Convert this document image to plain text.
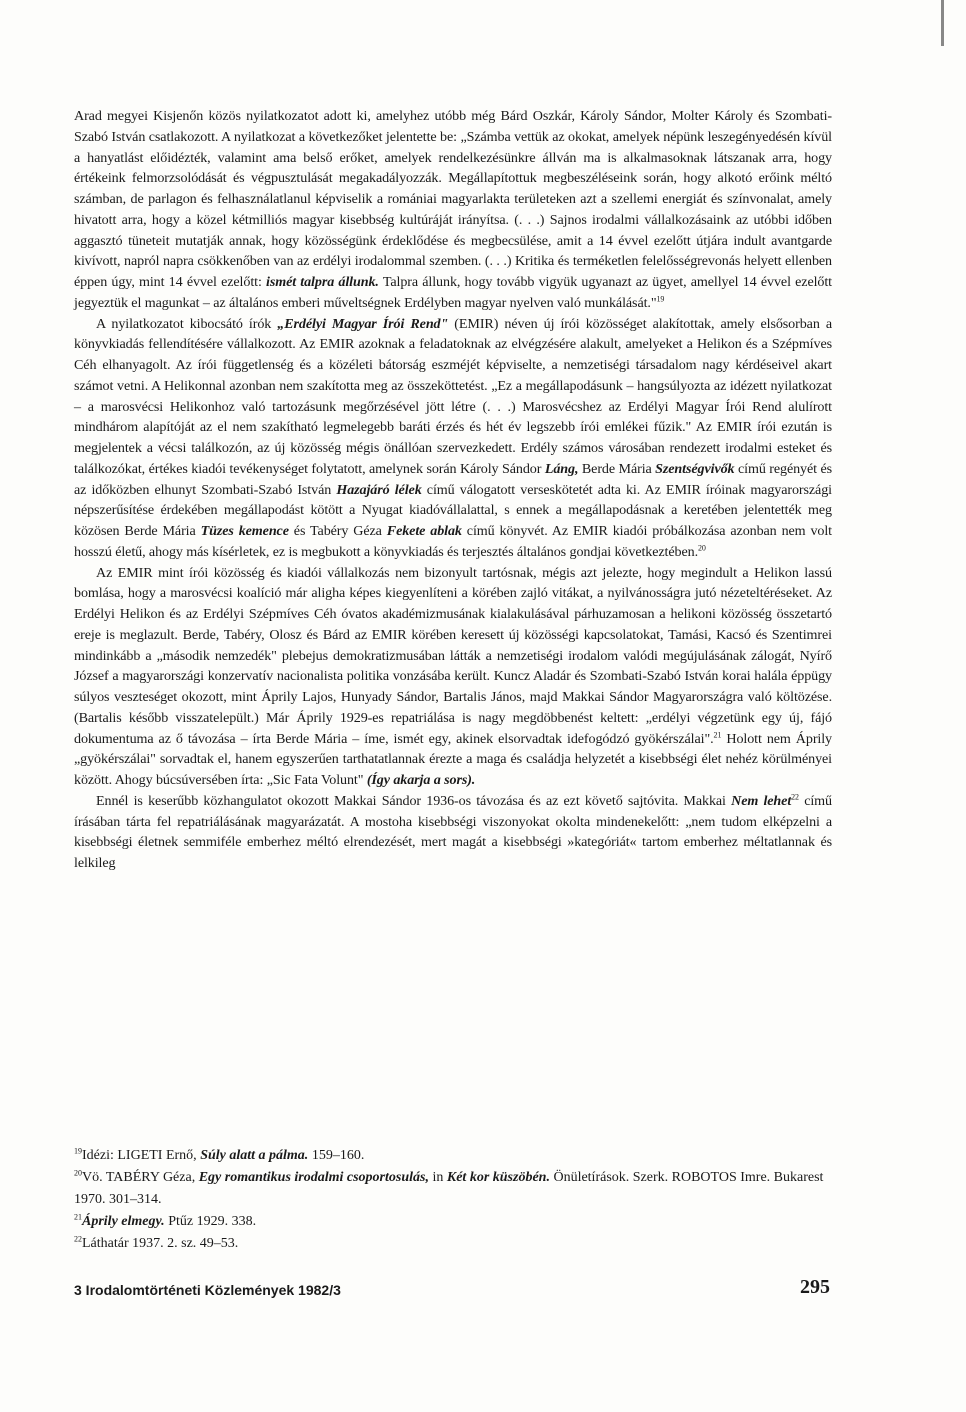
Arad megyei Kisjenőn közös nyilatkozatot adott ki, amelyhez utóbb még Bárd Oszkár, Károly Sándor, Molter Károly és Szombati-Szabó István csatlakozott. A nyilatkozat a következőket jelentette be: „Számba vettük az okokat, amelyek népünk leszegényedésén kívül a hanyatlást előidézték, valamint ama belső erőket, amelyek rendelkezésünkre állván ma is alkalmasoknak látszanak arra, hogy értékeink felmorzsolódását és végpusztulását megakadályozzák. Megállapítottuk megbeszéléseink során, hogy alkotó erőink méltó számban, de parlagon és felhasználatlanul képviselik a romániai magyarlakta területeken azt a szellemi energiát és színvonalat, amely hivatott arra, hogy a közel kétmilliós magyar kisebbség kultúráját irányítsa. (. . .) Sajnos irodalmi vállalkozásaink az utóbbi időben aggasztó tüneteit mutatják annak, hogy közösségünk érdeklődése és megbecsülése, amit a 14 évvel ezelőtt útjára indult avantgarde kivívott, napról napra csökkenőben van az erdélyi irodalommal szemben. (. . .) Kritika és terméketlen felelősségrevonás helyett ellenben éppen úgy, mint 14 évvel ezelőtt: ismét talpra állunk. Talpra állunk, hogy tovább vigyük ugyanazt az ügyet, amellyel 14 évvel ezelőtt jegyeztük el magunkat – az általános emberi műveltségnek Erdélyben magyar nyelven való munkálását."$^{19}$

A nyilatkozatot kibocsátó írók „Erdélyi Magyar Írói Rend" (EMIR) néven új írói közösséget alakítottak, amely elsősorban a könyvkiadás fellendítésére vállalkozott. Az EMIR azoknak a feladatoknak az elvégzésére alakult, amelyeket a Helikon és a Szépmíves Céh elhanyagolt. Az írói függetlenség és a közéleti bátorság eszméjét képviselte, a nemzetiségi társadalom nagy kérdéseivel akart számot vetni. A Helikonnal azonban nem szakította meg az összeköttetést. „Ez a megállapodásunk – hangsúlyozta az idézett nyilatkozat – a marosvécsi Helikonhoz való tartozásunk megőrzésével jött létre (. . .) Marosvécshez az Erdélyi Magyar Írói Rend alulírott mindhárom alapítóját az el nem szakítható legmelegebb baráti érzés és hét év legszebb írói emlékei fűzik." Az EMIR írói ezután is megjelentek a vécsi találkozón, az új közösség mégis önállóan szervezkedett. Erdély számos városában rendezett irodalmi esteket és találkozókat, értékes kiadói tevékenységet folytatott, amelynek során Károly Sándor Láng, Berde Mária Szentségvivők című regényét és az időközben elhunyt Szombati-Szabó István Hazajáró lélek című válogatott verseskötetét adta ki. Az EMIR íróinak magyarországi népszerűsítése érdekében megállapodást kötött a Nyugat kiadóvállalattal, s ennek a megállapodásnak a keretében jelentették meg közösen Berde Mária Tüzes kemence és Tabéry Géza Fekete ablak című könyvét. Az EMIR kiadói próbálkozása azonban nem volt hosszú életű, ahogy más kísérletek, ez is megbukott a könyvkiadás és terjesztés általános gondjai következtében.$^{20}$

Az EMIR mint írói közösség és kiadói vállalkozás nem bizonyult tartósnak, mégis azt jelezte, hogy megindult a Helikon lassú bomlása, hogy a marosvécsi koalíció már aligha képes kiegyenlíteni a körében zajló vitákat, a nyilvánosságra jutó nézeteltéréseket. Az Erdélyi Helikon és az Erdélyi Szépmíves Céh óvatos akadémizmusának kialakulásával párhuzamosan a helikoni közösség összetartó ereje is meglazult. Berde, Tabéry, Olosz és Bárd az EMIR körében keresett új közösségi kapcsolatokat, Tamási, Kacsó és Szentimrei mindinkább a „második nemzedék" plebejus demokratizmusában látták a nemzetiségi irodalom valódi megújulásának zálogát, Nyírő József a magyarországi konzervatív nacionalista politika vonzásába került. Kuncz Aladár és Szombati-Szabó István korai halála éppügy súlyos veszteséget okozott, mint Áprily Lajos, Hunyady Sándor, Bartalis János, majd Makkai Sándor Magyarországra való költözése. (Bartalis később visszatelepült.) Már Áprily 1929-es repatriálása is nagy megdöbbenést keltett: „erdélyi végzetünk egy új, fájó dokumentuma az ő távozása – írta Berde Mária – íme, ismét egy, akinek elsorvadtak idefogódzó gyökérszálai".$^{21}$ Holott nem Áprily „gyökérszálai" sorvadtak el, hanem egyszerűen tarthatatlannak érezte a maga és családja helyzetét a kisebbségi élet nehéz körülményei között. Ahogy búcsúversében írta: „Sic Fata Volunt" (Így akarja a sors).

Ennél is keserűbb közhangulatot okozott Makkai Sándor 1936-os távozása és az ezt követő sajtóvita. Makkai Nem lehet$^{22}$ című írásában tárta fel repatriálásának magyarázatát. A mostoha kisebbségi viszonyokat okolta mindenekelőtt: „nem tudom elképzelni a kisebbségi életnek semmiféle emberhez méltó elrendezését, mert magát a kisebbségi »kategóriát« tartom emberhez méltatlannak és lelkileg

$^{19}$Idézi: LIGETI Ernő, Súly alatt a pálma. 159–160.

$^{20}$Vö. TABÉRY Géza, Egy romantikus irodalmi csoportosulás, in Két kor küszöbén. Önületírások. Szerk. ROBOTOS Imre. Bukarest 1970. 301–314.

$^{21}$Áprily elmegy. Ptűz 1929. 338.

$^{22}$Láthatár 1937. 2. sz. 49–53.

3 Irodalomtörténeti Közlemények 1982/3	295
